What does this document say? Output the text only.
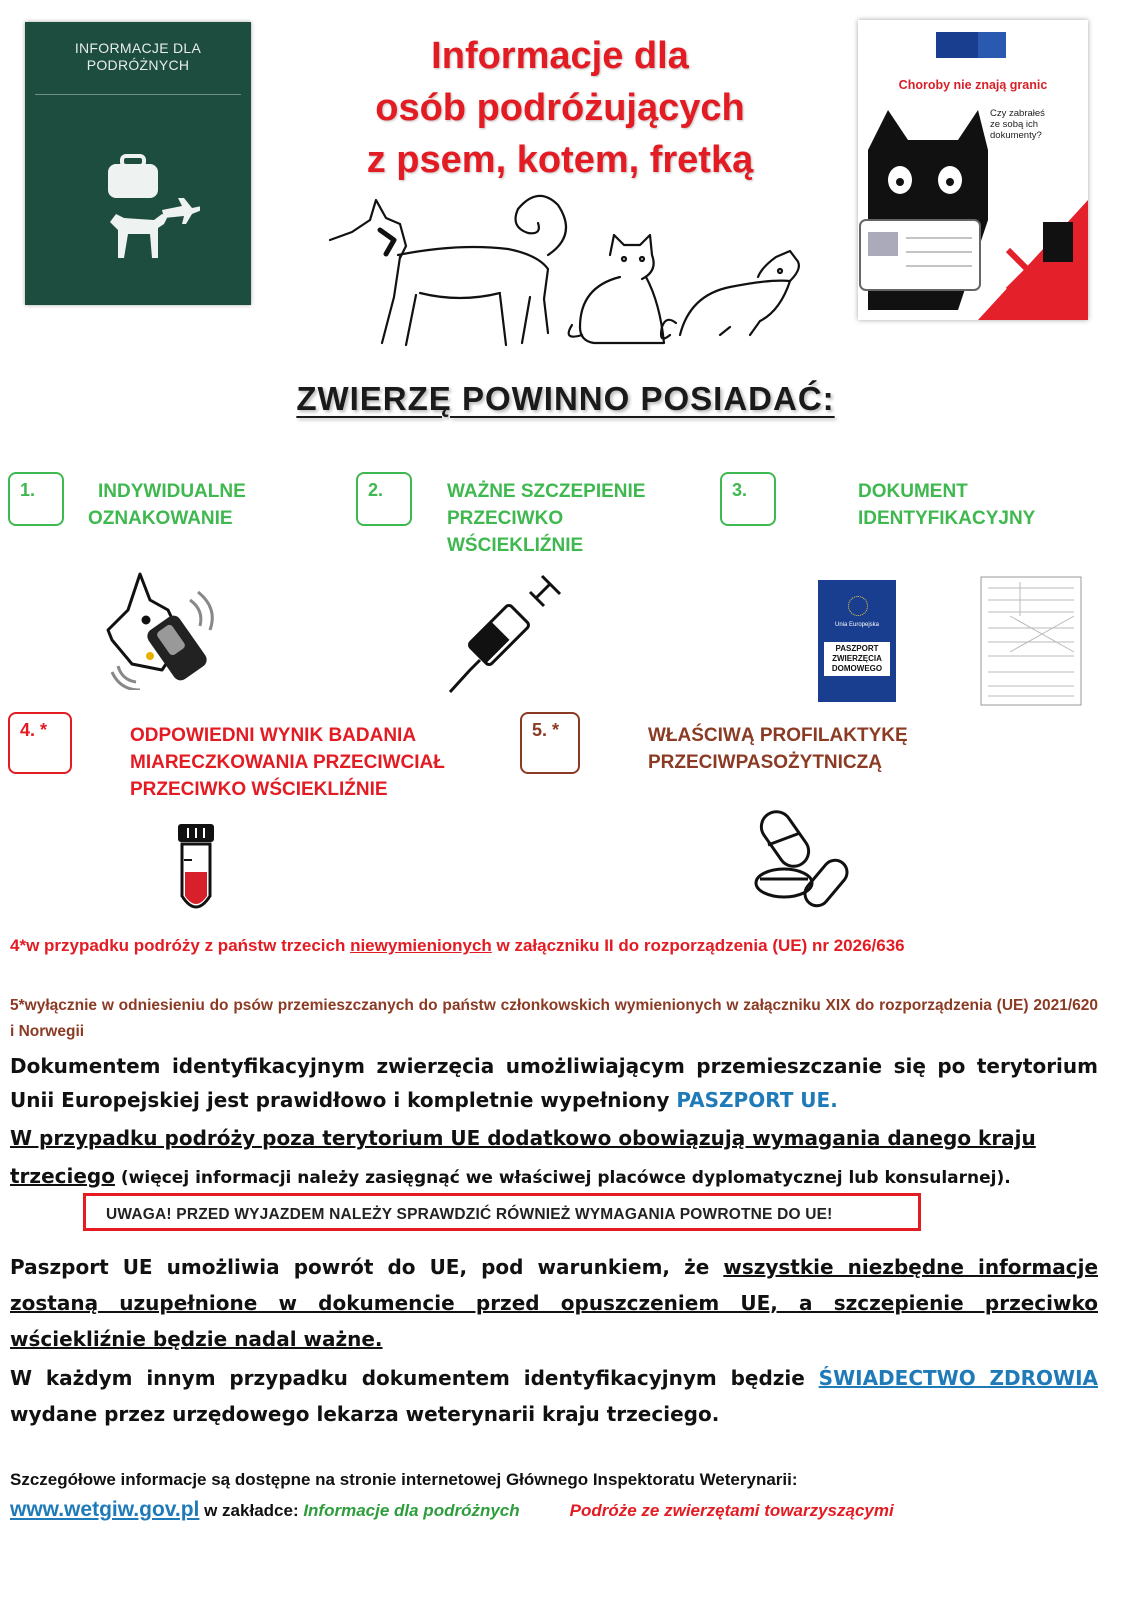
INFORMACJE DLA
PODRÓŻNYCH	Informacje dla
osób podróżujących
z psem, kotem, fretką
Choroby nie znają granic
Czy zabrałeś
ze sobą ich
dokumenty?
ZWIERZĘ POWINNO POSIADAĆ:
1.	INDYWIDUALNE
OZNAKOWANIE
2.	WAŻNE SZCZEPIENIE
PRZECIWKO
WŚCIEKLIŹNIE
3.	DOKUMENT
IDENTYFIKACYJNY
Unia Europejska
PASZPORT
ZWIERZĘCIA
DOMOWEGO
4. *	ODPOWIEDNI WYNIK BADANIA
MIARECZKOWANIA PRZECIWCIAŁ
PRZECIWKO WŚCIEKLIŹNIE
5. *	WŁAŚCIWĄ PROFILAKTYKĘ
PRZECIWPASOŻYTNICZĄ
4*w przypadku podróży z państw trzecich niewymienionych w załączniku II do rozporządzenia (UE) nr 2026/636
5*wyłącznie w odniesieniu do psów przemieszczanych do państw członkowskich wymienionych w załączniku XIX do rozporządzenia (UE) 2021/620 i Norwegii
Dokumentem identyfikacyjnym zwierzęcia umożliwiającym przemieszczanie się po terytorium Unii Europejskiej jest prawidłowo i kompletnie wypełniony PASZPORT UE.
W przypadku podróży poza terytorium UE dodatkowo obowiązują wymagania danego kraju
trzeciego (więcej informacji należy zasięgnąć we właściwej placówce dyplomatycznej lub konsularnej).
UWAGA! PRZED WYJAZDEM NALEŻY SPRAWDZIĆ RÓWNIEŻ WYMAGANIA POWROTNE DO UE!
Paszport UE umożliwia powrót do UE, pod warunkiem, że wszystkie niezbędne informacje zostaną uzupełnione w dokumencie przed opuszczeniem UE, a szczepienie przeciwko wściekliźnie będzie nadal ważne.
W każdym innym przypadku dokumentem identyfikacyjnym będzie ŚWIADECTWO ZDROWIA wydane przez urzędowego lekarza weterynarii kraju trzeciego.
Szczegółowe informacje są dostępne na stronie internetowej Głównego Inspektoratu Weterynarii:
www.wetgiw.gov.pl w zakładce: Informacje dla podróżnych	Podróże ze zwierzętami towarzyszącymi
